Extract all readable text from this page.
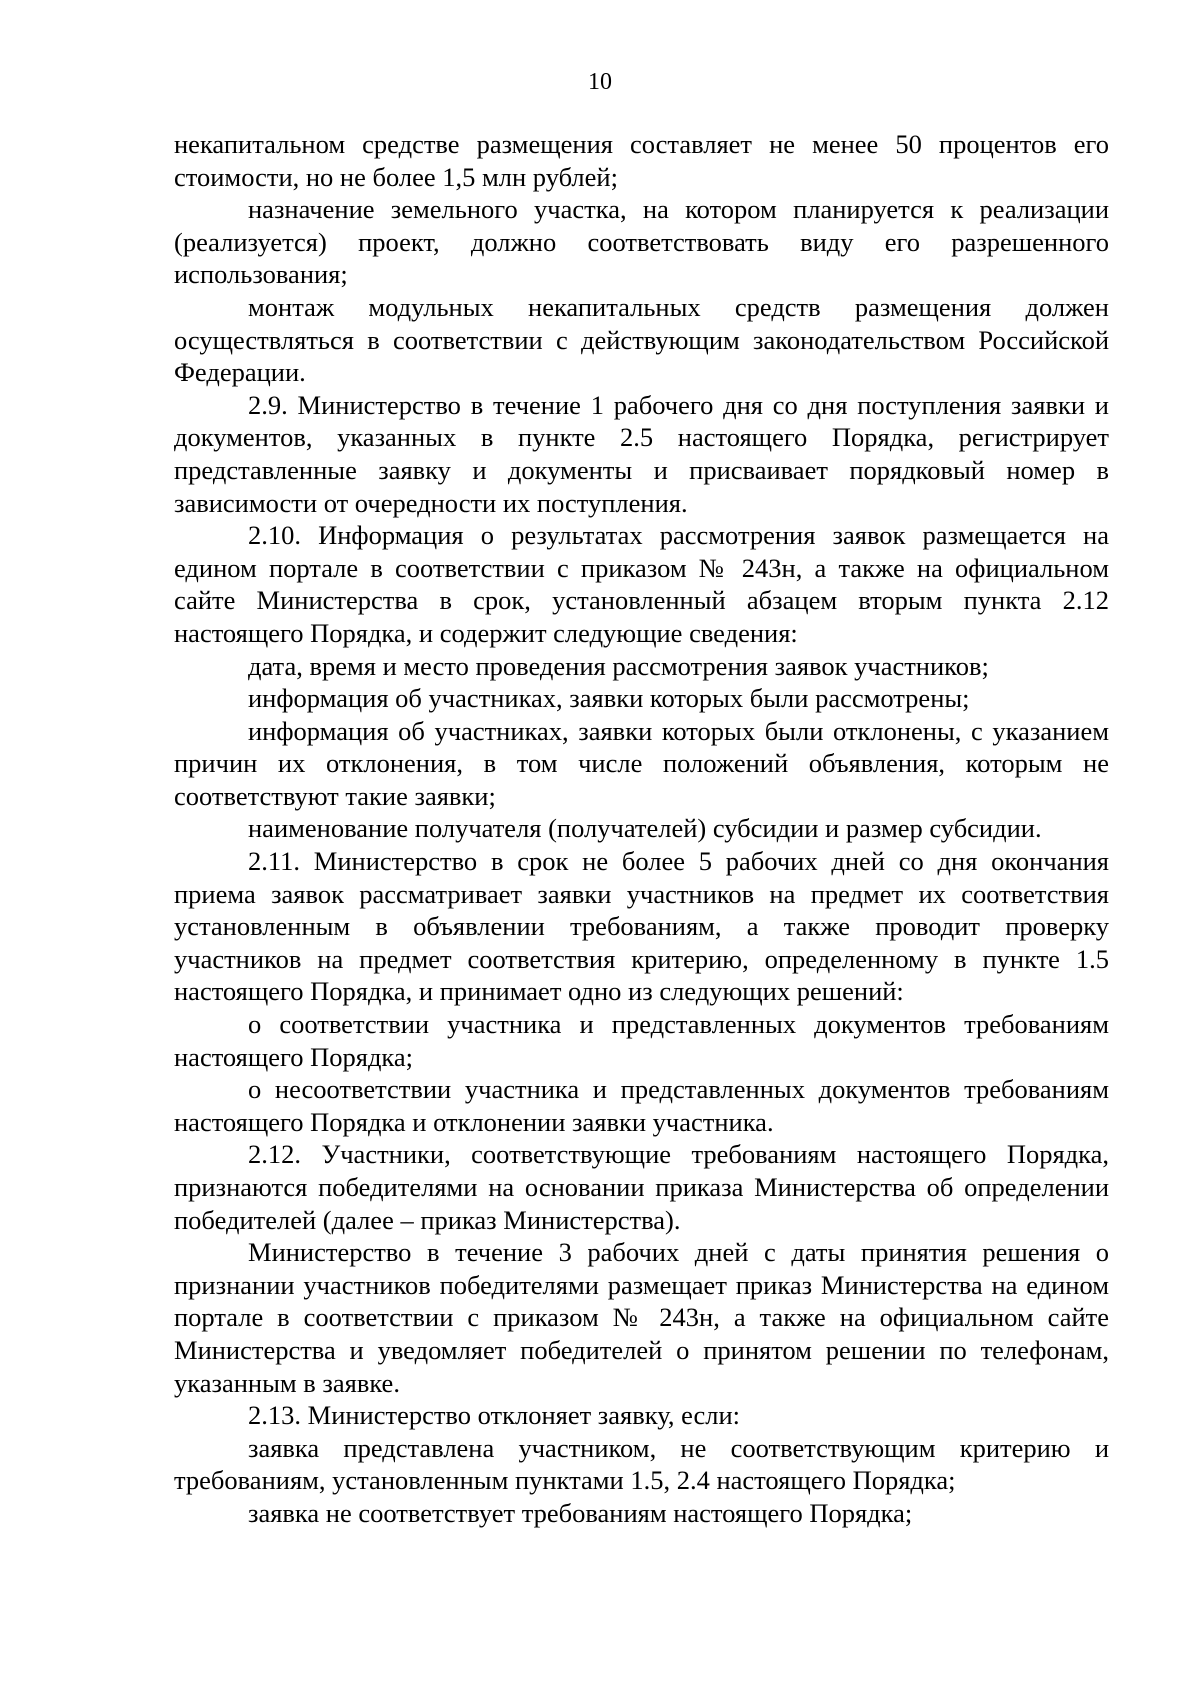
10

некапитальном средстве размещения составляет не менее 50 процентов его стоимости, но не более 1,5 млн рублей;

назначение земельного участка, на котором планируется к реализации (реализуется) проект, должно соответствовать виду его разрешенного использования;

монтаж модульных некапитальных средств размещения должен осуществляться в соответствии с действующим законодательством Российской Федерации.

2.9. Министерство в течение 1 рабочего дня со дня поступления заявки и документов, указанных в пункте 2.5 настоящего Порядка, регистрирует представленные заявку и документы и присваивает порядковый номер в зависимости от очередности их поступления.

2.10. Информация о результатах рассмотрения заявок размещается на едином портале в соответствии с приказом № 243н, а также на официальном сайте Министерства в срок, установленный абзацем вторым пункта 2.12 настоящего Порядка, и содержит следующие сведения:

дата, время и место проведения рассмотрения заявок участников;

информация об участниках, заявки которых были рассмотрены;

информация об участниках, заявки которых были отклонены, с указанием причин их отклонения, в том числе положений объявления, которым не соответствуют такие заявки;

наименование получателя (получателей) субсидии и размер субсидии.

2.11. Министерство в срок не более 5 рабочих дней со дня окончания приема заявок рассматривает заявки участников на предмет их соответствия установленным в объявлении требованиям, а также проводит проверку участников на предмет соответствия критерию, определенному в пункте 1.5 настоящего Порядка, и принимает одно из следующих решений:

о соответствии участника и представленных документов требованиям настоящего Порядка;

о несоответствии участника и представленных документов требованиям настоящего Порядка и отклонении заявки участника.

2.12. Участники, соответствующие требованиям настоящего Порядка, признаются победителями на основании приказа Министерства об определении победителей (далее – приказ Министерства).

Министерство в течение 3 рабочих дней с даты принятия решения о признании участников победителями размещает приказ Министерства на едином портале в соответствии с приказом № 243н, а также на официальном сайте Министерства и уведомляет победителей о принятом решении по телефонам, указанным в заявке.

2.13. Министерство отклоняет заявку, если:

заявка представлена участником, не соответствующим критерию и требованиям, установленным пунктами 1.5, 2.4 настоящего Порядка;

заявка не соответствует требованиям настоящего Порядка;
